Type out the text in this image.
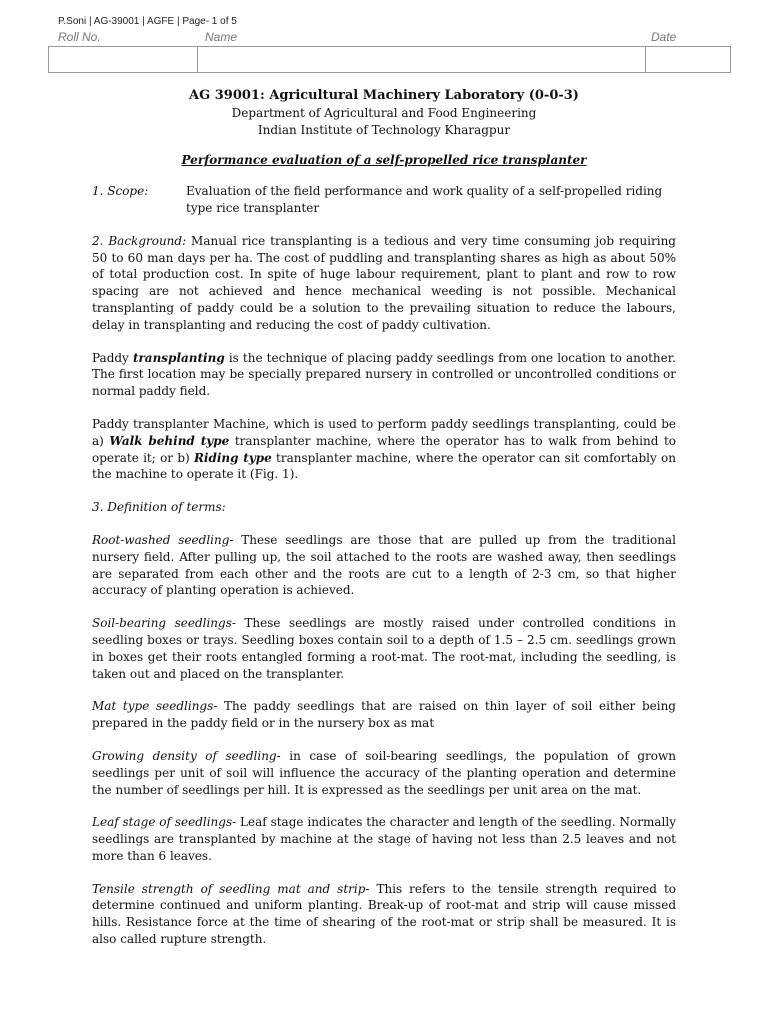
P.Soni | AG-39001 | AGFE | Page- 1 of 5
Roll No.	Name	Date

AG 39001: Agricultural Machinery Laboratory (0-0-3)

Department of Agricultural and Food Engineering

Indian Institute of Technology Kharagpur

Performance evaluation of a self-propelled rice transplanter

1. Scope:	Evaluation of the field performance and work quality of a self-propelled riding type rice transplanter

2. Background: Manual rice transplanting is a tedious and very time consuming job requiring 50 to 60 man days per ha. The cost of puddling and transplanting shares as high as about 50% of total production cost. In spite of huge labour requirement, plant to plant and row to row spacing are not achieved and hence mechanical weeding is not possible. Mechanical transplanting of paddy could be a solution to the prevailing situation to reduce the labours, delay in transplanting and reducing the cost of paddy cultivation.

Paddy transplanting is the technique of placing paddy seedlings from one location to another. The first location may be specially prepared nursery in controlled or uncontrolled conditions or normal paddy field.

Paddy transplanter Machine, which is used to perform paddy seedlings transplanting, could be a) Walk behind type transplanter machine, where the operator has to walk from behind to operate it; or b) Riding type transplanter machine, where the operator can sit comfortably on the machine to operate it (Fig. 1).

3. Definition of terms:

Root-washed seedling- These seedlings are those that are pulled up from the traditional nursery field. After pulling up, the soil attached to the roots are washed away, then seedlings are separated from each other and the roots are cut to a length of 2-3 cm, so that higher accuracy of planting operation is achieved.

Soil-bearing seedlings- These seedlings are mostly raised under controlled conditions in seedling boxes or trays. Seedling boxes contain soil to a depth of 1.5 – 2.5 cm. seedlings grown in boxes get their roots entangled forming a root-mat. The root-mat, including the seedling, is taken out and placed on the transplanter.

Mat type seedlings- The paddy seedlings that are raised on thin layer of soil either being prepared in the paddy field or in the nursery box as mat

Growing density of seedling- in case of soil-bearing seedlings, the population of grown seedlings per unit of soil will influence the accuracy of the planting operation and determine the number of seedlings per hill. It is expressed as the seedlings per unit area on the mat.

Leaf stage of seedlings- Leaf stage indicates the character and length of the seedling. Normally seedlings are transplanted by machine at the stage of having not less than 2.5 leaves and not more than 6 leaves.

Tensile strength of seedling mat and strip- This refers to the tensile strength required to determine continued and uniform planting. Break-up of root-mat and strip will cause missed hills. Resistance force at the time of shearing of the root-mat or strip shall be measured. It is also called rupture strength.
